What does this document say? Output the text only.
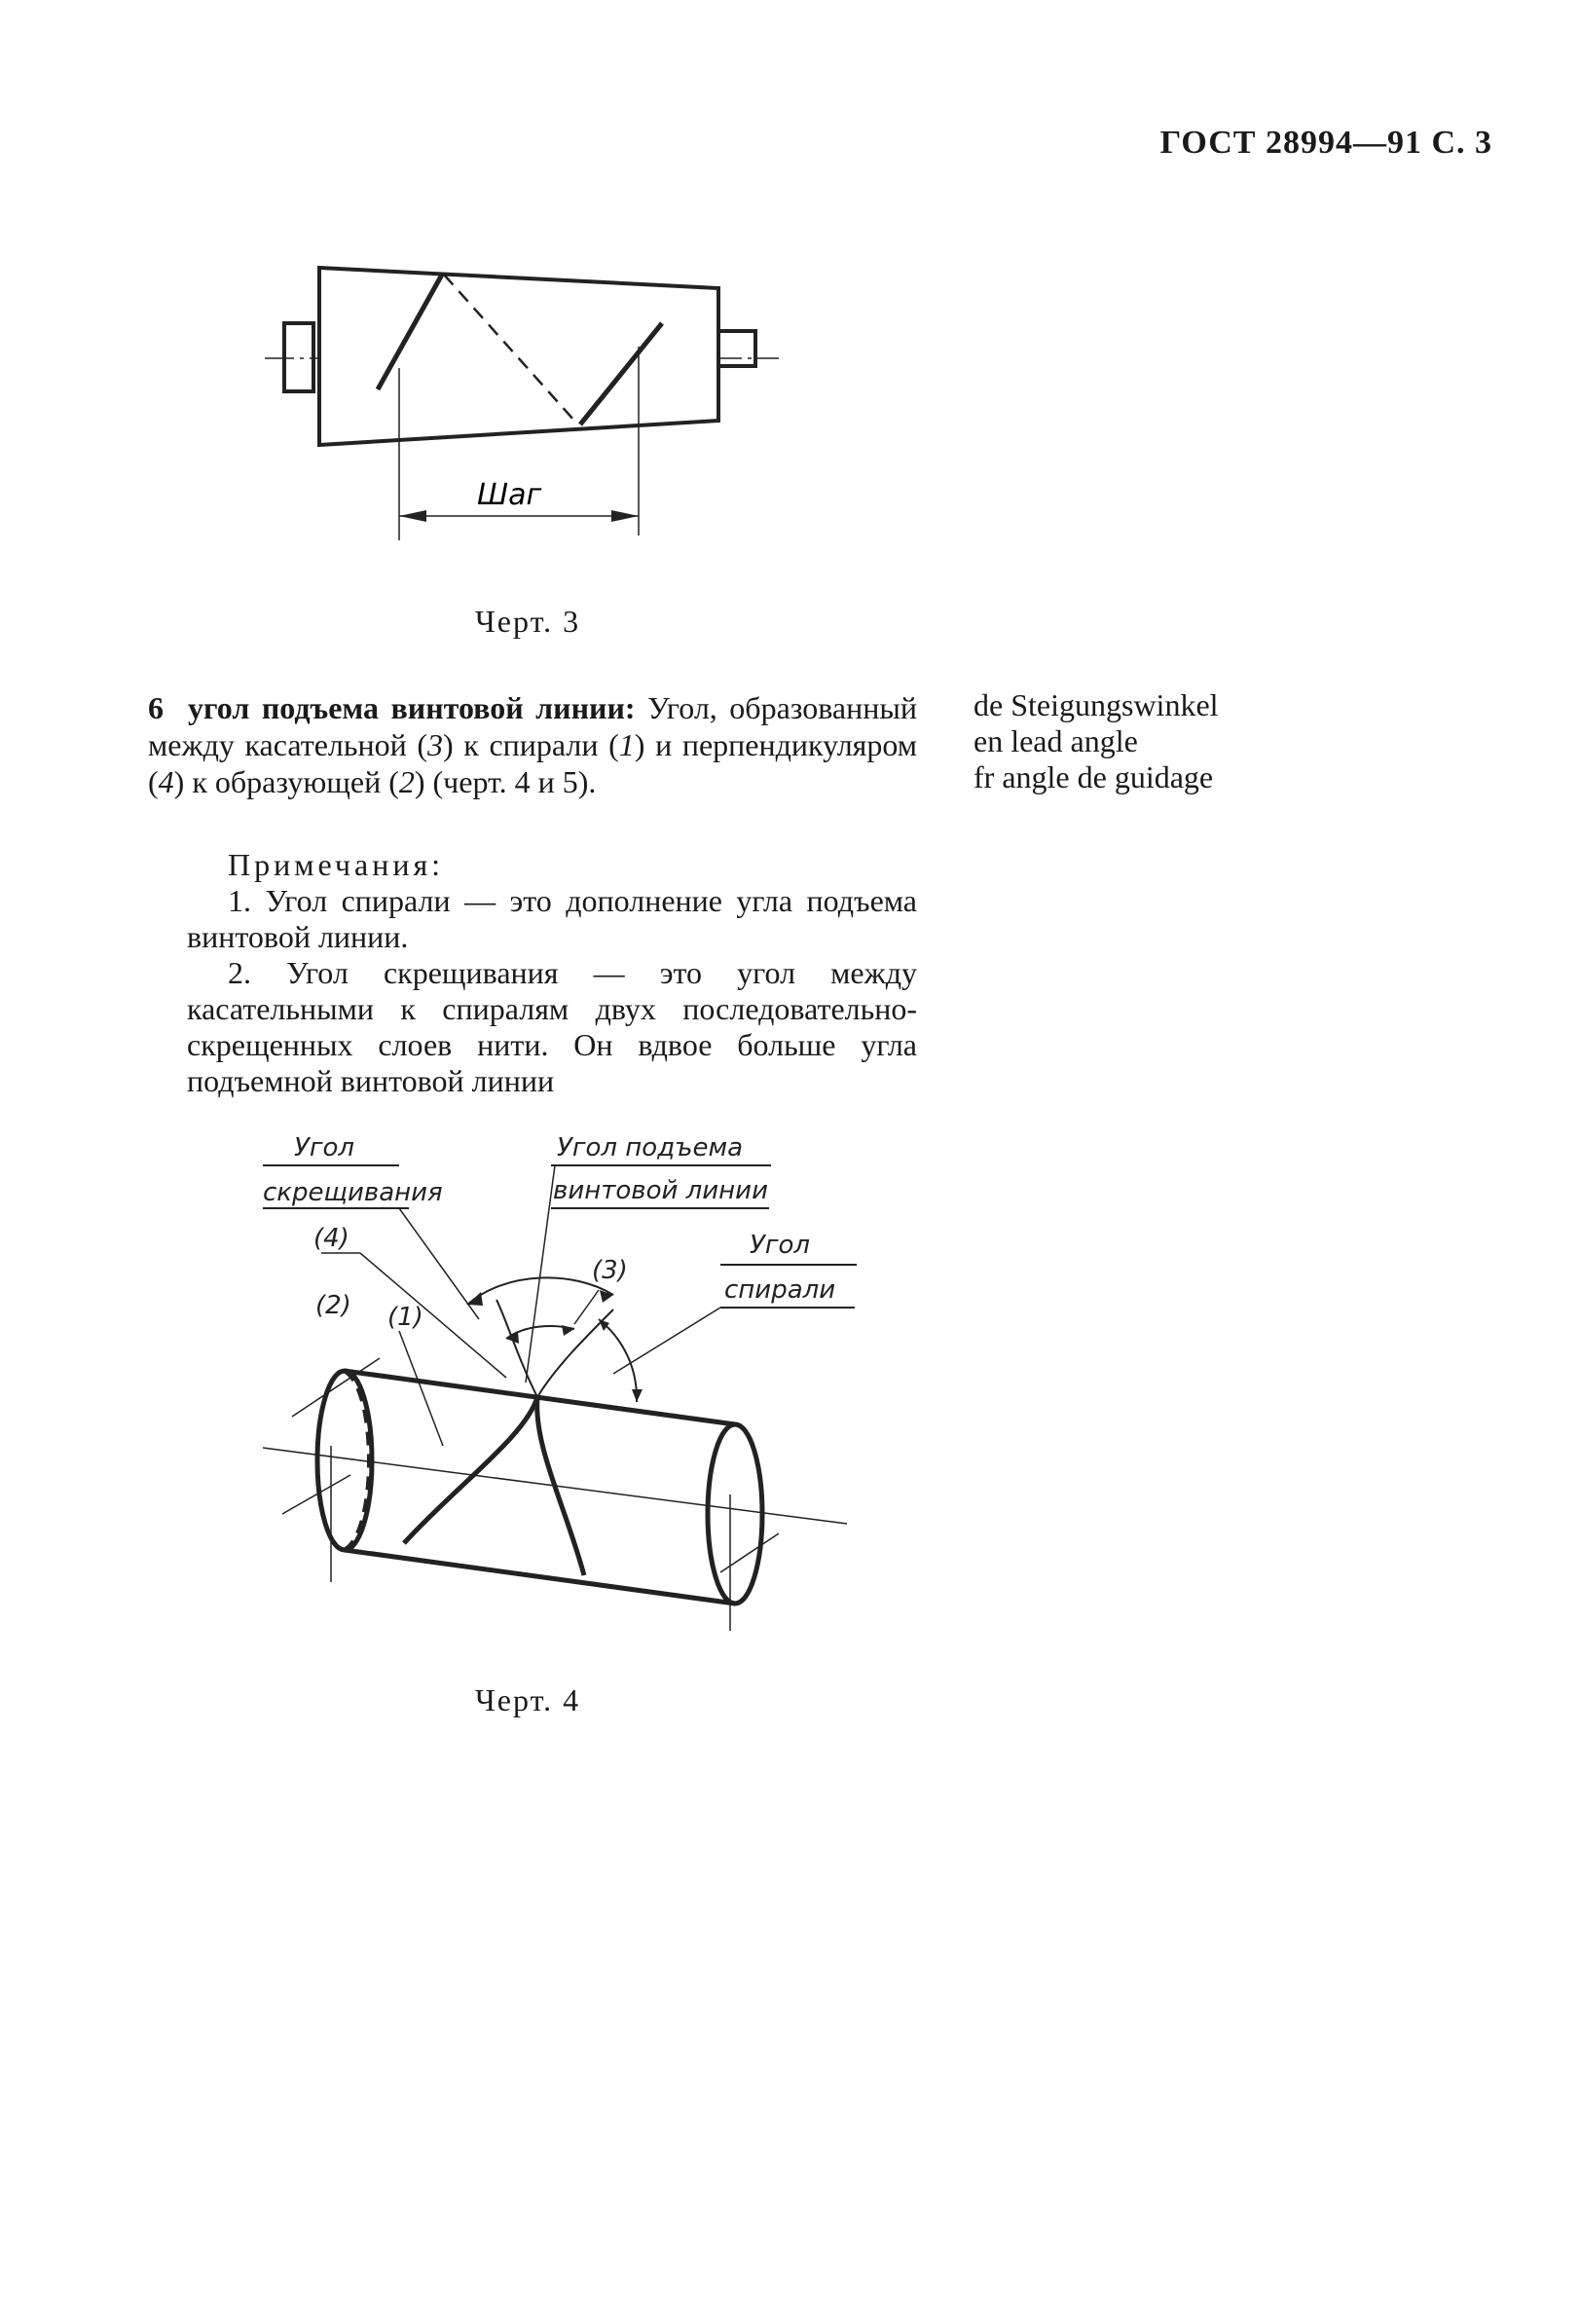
ГОСТ 28994—91 С. 3
Шаг
Черт. 3
6 угол подъема винтовой линии: Угол, образованный между касательной (3) к спирали (1) и перпендикуляром (4) к образующей (2) (черт. 4 и 5).
de Steigungswinkel
en lead angle
fr angle de guidage
Примечания:

1. Угол спирали — это дополнение угла подъема винтовой линии.

2. Угол скрещивания — это угол между касательными к спиралям двух последовательно-скрещенных слоев нити. Он вдвое больше угла подъемной винтовой линии

Угол
скрещивания
Угол подъема
винтовой линии
Угол
спирали
(4)
(3)
(2) (1)
Черт. 4
